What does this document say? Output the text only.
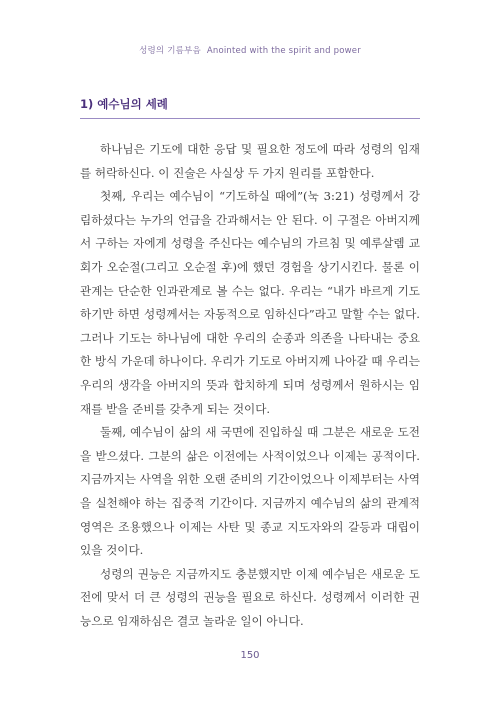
성령의 기름부음 Anointed with the spirit and power
1) 예수님의 세례

하나님은 기도에 대한 응답 및 필요한 정도에 따라 성령의 임재를 허락하신다. 이 진술은 사실상 두 가지 원리를 포함한다.

첫째, 우리는 예수님이 “기도하실 때에”(눅 3:21) 성령께서 강림하셨다는 누가의 언급을 간과해서는 안 된다. 이 구절은 아버지께서 구하는 자에게 성령을 주신다는 예수님의 가르침 및 예루살렘 교회가 오순절(그리고 오순절 후)에 했던 경험을 상기시킨다. 물론 이 관계는 단순한 인과관계로 볼 수는 없다. 우리는 “내가 바르게 기도하기만 하면 성령께서는 자동적으로 임하신다”라고 말할 수는 없다. 그러나 기도는 하나님에 대한 우리의 순종과 의존을 나타내는 중요한 방식 가운데 하나이다. 우리가 기도로 아버지께 나아갈 때 우리는 우리의 생각을 아버지의 뜻과 합치하게 되며 성령께서 원하시는 임재를 받을 준비를 갖추게 되는 것이다.

둘째, 예수님이 삶의 새 국면에 진입하실 때 그분은 새로운 도전을 받으셨다. 그분의 삶은 이전에는 사적이었으나 이제는 공적이다. 지금까지는 사역을 위한 오랜 준비의 기간이었으나 이제부터는 사역을 실천해야 하는 집중적 기간이다. 지금까지 예수님의 삶의 관계적 영역은 조용했으나 이제는 사탄 및 종교 지도자와의 갈등과 대립이 있을 것이다.

성령의 권능은 지금까지도 충분했지만 이제 예수님은 새로운 도전에 맞서 더 큰 성령의 권능을 필요로 하신다. 성령께서 이러한 권능으로 임재하심은 결코 놀라운 일이 아니다.

150
